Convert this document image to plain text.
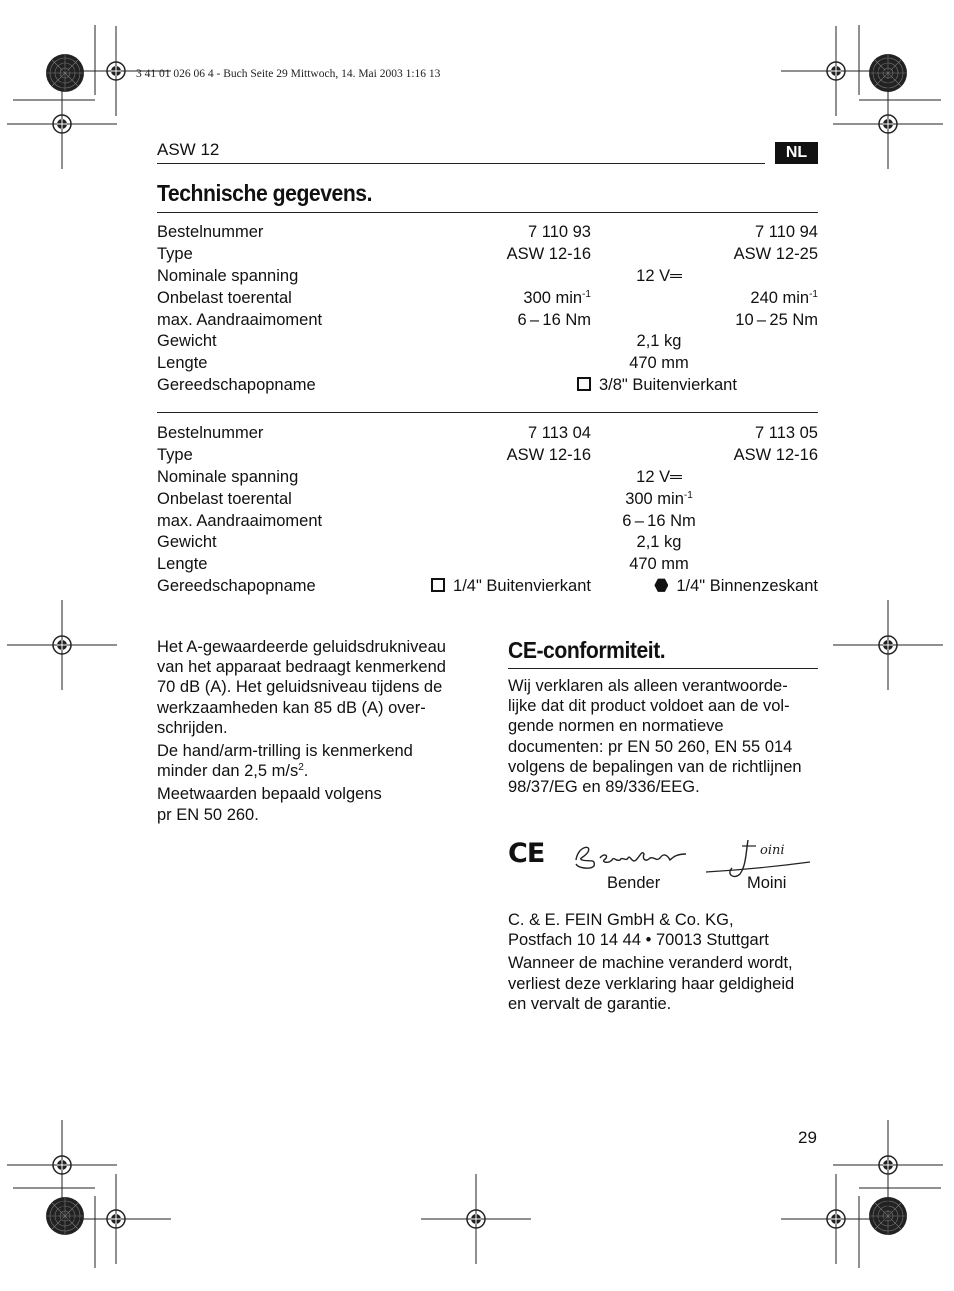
3 41 01 026 06 4 - Buch Seite 29 Mittwoch, 14. Mai 2003 1:16 13
ASW 12	NL
Technische gegevens.
Bestelnummer	7 110 93	7 110 94
Type	ASW 12-16	ASW 12-25
Nominale spanning	12 V═
Onbelast toerental	300 $\min^{-1}$	240 $\min^{-1}$
max. Aandraaimoment	6 – 16 Nm	10 – 25 Nm
Gewicht	2,1 kg
Lengte	470 mm
Gereedschapopname	3/8" Buitenvierkant
Bestelnummer	7 113 04	7 113 05
Type	ASW 12-16	ASW 12-16
Nominale spanning	12 V═
Onbelast toerental	300 $\min^{-1}$
max. Aandraaimoment	6 – 16 Nm
Gewicht	2,1 kg
Lengte	470 mm
Gereedschapopname	1/4" Buitenvierkant	1/4" Binnenzeskant

Het A-gewaardeerde geluidsdrukniveau van het apparaat bedraagt kenmerkend 70 dB (A). Het geluidsniveau tijdens de werkzaamheden kan 85 dB (A) over-schrijden.

De hand/arm-trilling is kenmerkend minder dan 2,5 $m/s^2$.

Meetwaarden bepaald volgens pr EN 50 260.

CE-conformiteit.
Wij verklaren als alleen verantwoorde-lijke dat dit product voldoet aan de vol-gende normen en normatieve documenten: pr EN 50 260, EN 55 014 volgens de bepalingen van de richtlijnen 98/37/EG en 89/336/EEG.
CE	oini
Bender	Moini
C. & E. FEIN GmbH & Co. KG,
Postfach 10 14 44 • 70013 Stuttgart
Wanneer de machine veranderd wordt, verliest deze verklaring haar geldigheid en vervalt de garantie.
29
